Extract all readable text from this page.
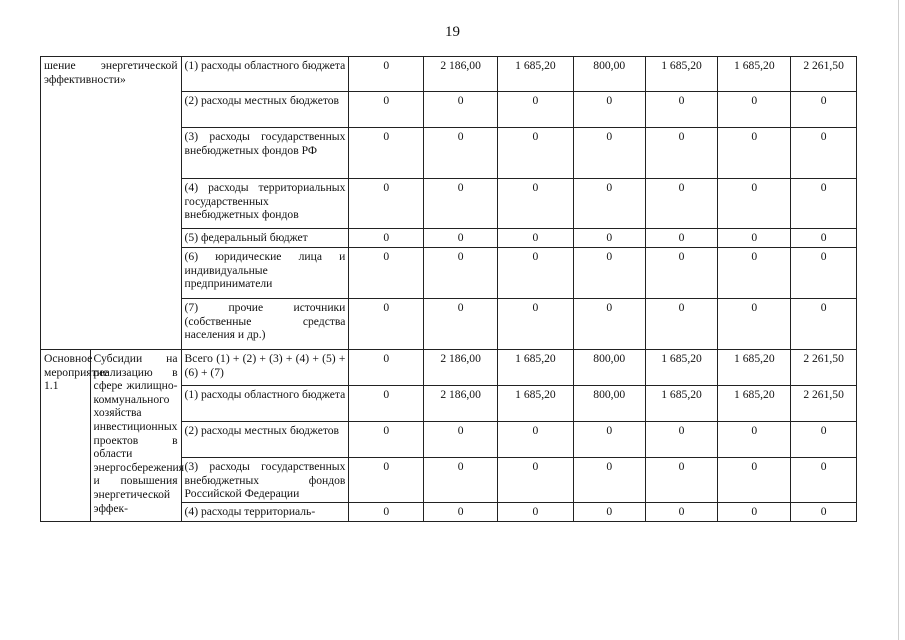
19
шение энергетической эффективности»		(1) расходы областного бюджета	0	2 186,00	1 685,20	800,00	1 685,20	1 685,20	2 261,50
		(2) расходы местных бюджетов	0	0	0	0	0	0	0
		(3) расходы государственных внебюджетных фондов РФ	0	0	0	0	0	0	0
		(4) расходы территориальных государственных внебюджетных фондов	0	0	0	0	0	0	0
		(5) федеральный бюджет	0	0	0	0	0	0	0
		(6) юридические лица и индивидуальные предприниматели	0	0	0	0	0	0	0
		(7) прочие источники (собственные средства населения и др.)	0	0	0	0	0	0	0
Основное мероприятие 1.1	Субсидии на реализацию в сфере жилищно-коммунального хозяйства инвестиционных проектов в области энергосбережения и повышения энергетической эффек-	Всего (1) + (2) + (3) + (4) + (5) + (6) + (7)	0	2 186,00	1 685,20	800,00	1 685,20	1 685,20	2 261,50
		(1) расходы областного бюджета	0	2 186,00	1 685,20	800,00	1 685,20	1 685,20	2 261,50
		(2) расходы местных бюджетов	0	0	0	0	0	0	0
		(3) расходы государственных внебюджетных фондов Российской Федерации	0	0	0	0	0	0	0
		(4) расходы территориаль-	0	0	0	0	0	0	0
